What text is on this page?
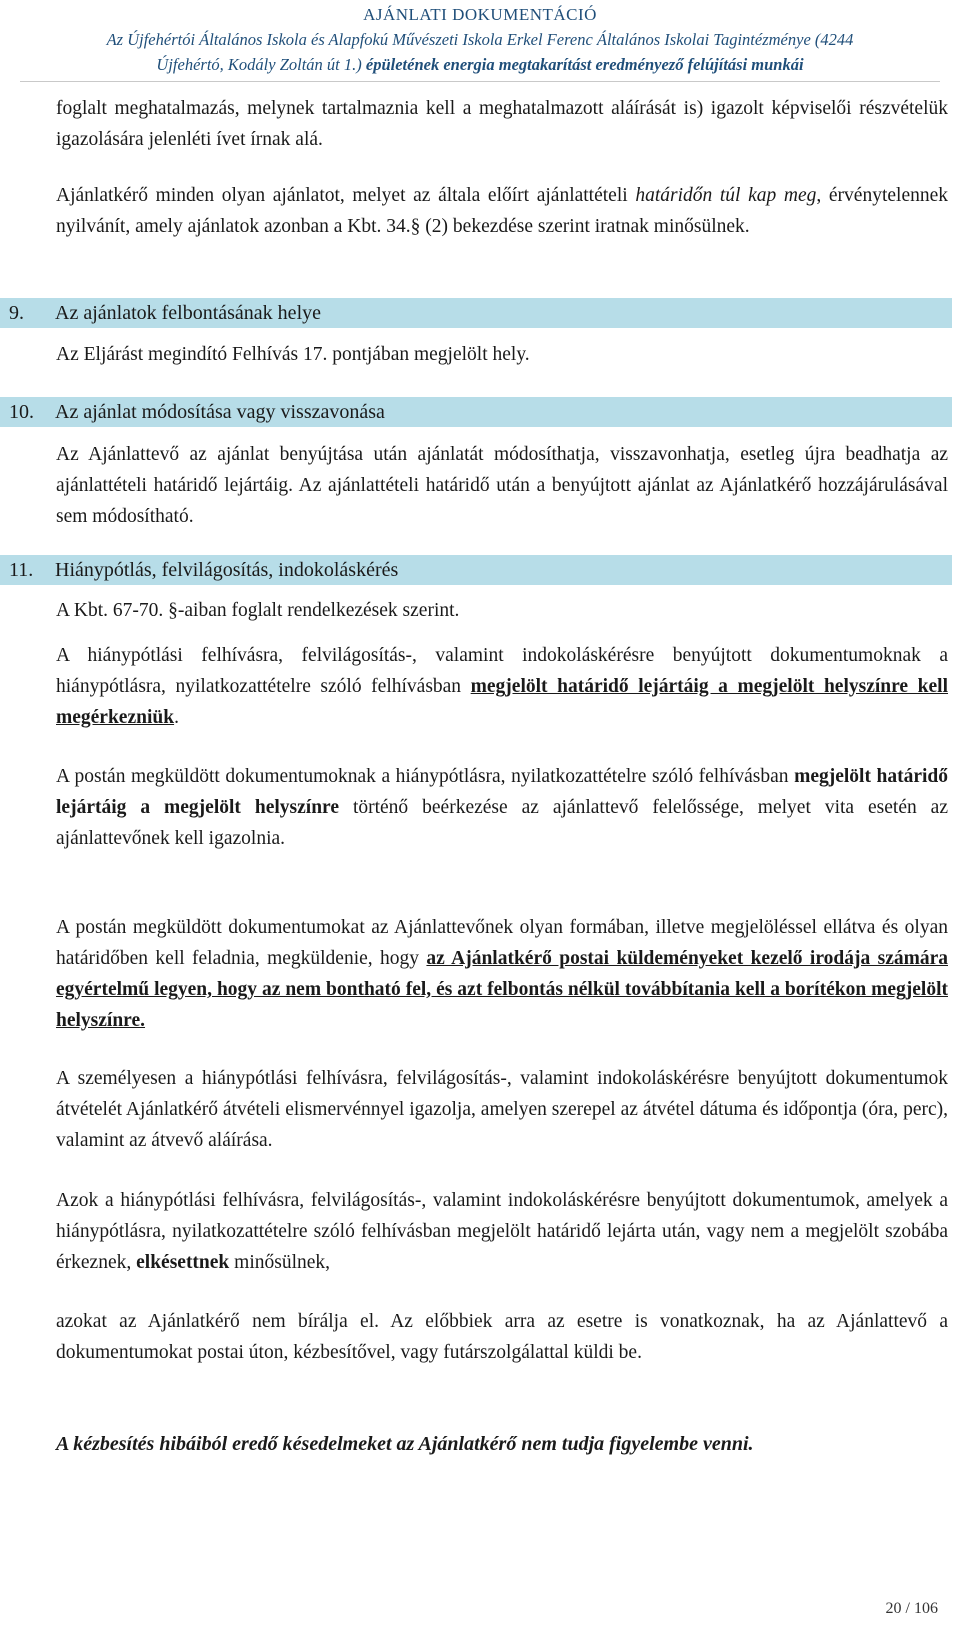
AJÁNLATI DOKUMENTÁCIÓ
Az Újfehértói Általános Iskola és Alapfokú Művészeti Iskola Erkel Ferenc Általános Iskolai Tagintézménye (4244
Újfehértó, Kodály Zoltán út 1.) épületének energia megtakarítást eredményező felújítási munkái

foglalt meghatalmazás, melynek tartalmaznia kell a meghatalmazott aláírását is) igazolt képviselői részvételük igazolására jelenléti ívet írnak alá.

Ajánlatkérő minden olyan ajánlatot, melyet az általa előírt ajánlattételi határidőn túl kap meg, érvénytelennek nyilvánít, amely ajánlatok azonban a Kbt. 34.§ (2) bekezdése szerint iratnak minősülnek.

9. Az ajánlatok felbontásának helye

Az Eljárást megindító Felhívás 17. pontjában megjelölt hely.

10. Az ajánlat módosítása vagy visszavonása

Az Ajánlattevő az ajánlat benyújtása után ajánlatát módosíthatja, visszavonhatja, esetleg újra beadhatja az ajánlattételi határidő lejártáig. Az ajánlattételi határidő után a benyújtott ajánlat az Ajánlatkérő hozzájárulásával sem módosítható.

11. Hiánypótlás, felvilágosítás, indokoláskérés

A Kbt. 67-70. §-aiban foglalt rendelkezések szerint.

A hiánypótlási felhívásra, felvilágosítás-, valamint indokoláskérésre benyújtott dokumentumoknak a hiánypótlásra, nyilatkozattételre szóló felhívásban megjelölt határidő lejártáig a megjelölt helyszínre kell megérkezniük.

A postán megküldött dokumentumoknak a hiánypótlásra, nyilatkozattételre szóló felhívásban megjelölt határidő lejártáig a megjelölt helyszínre történő beérkezése az ajánlattevő felelőssége, melyet vita esetén az ajánlattevőnek kell igazolnia.

A postán megküldött dokumentumokat az Ajánlattevőnek olyan formában, illetve megjelöléssel ellátva és olyan határidőben kell feladnia, megküldenie, hogy az Ajánlatkérő postai küldeményeket kezelő irodája számára egyértelmű legyen, hogy az nem bontható fel, és azt felbontás nélkül továbbítania kell a borítékon megjelölt helyszínre.

A személyesen a hiánypótlási felhívásra, felvilágosítás-, valamint indokoláskérésre benyújtott dokumentumok átvételét Ajánlatkérő átvételi elismervénnyel igazolja, amelyen szerepel az átvétel dátuma és időpontja (óra, perc), valamint az átvevő aláírása.

Azok a hiánypótlási felhívásra, felvilágosítás-, valamint indokoláskérésre benyújtott dokumentumok, amelyek a hiánypótlásra, nyilatkozattételre szóló felhívásban megjelölt határidő lejárta után, vagy nem a megjelölt szobába érkeznek, elkésettnek minősülnek,

azokat az Ajánlatkérő nem bírálja el. Az előbbiek arra az esetre is vonatkoznak, ha az Ajánlattevő a dokumentumokat postai úton, kézbesítővel, vagy futárszolgálattal küldi be.

A kézbesítés hibáiból eredő késedelmeket az Ajánlatkérő nem tudja figyelembe venni.
20 / 106
